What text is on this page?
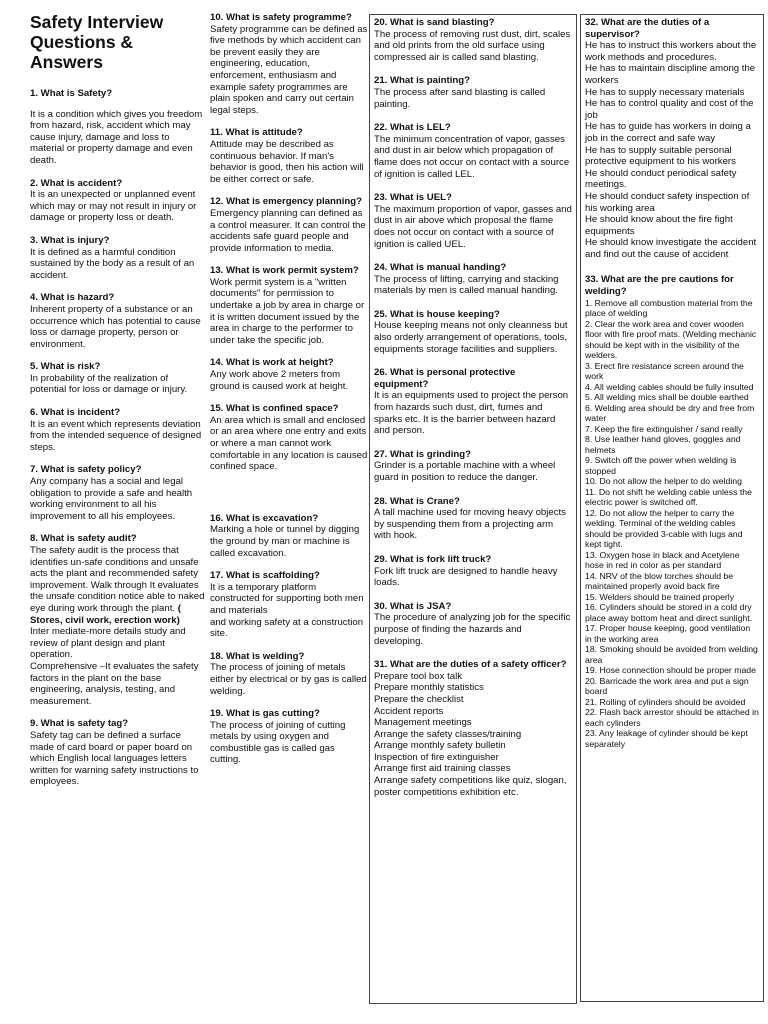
Safety Interview
Questions &
Answers
1. What is Safety?
It is a condition which gives you freedom from hazard, risk, accident which may cause injury, damage and loss to material or property damage and even death.
2. What is accident?
It is an unexpected or unplanned event which may or may not result in injury or damage or property loss or death.
3. What is injury?
It is defined as a harmful condition sustained by the body as a result of an accident.
4. What is hazard?
Inherent property of a substance or an occurrence which has potential to cause loss or damage property, person or environment.
5. What is risk?
In probability of the realization of potential for loss or damage or injury.
6. What is incident?
It is an event which represents deviation from the intended sequence of designed steps.
7. What is safety policy?
Any company has a social and legal obligation to provide a safe and health working environment to all his improvement to all his employees.
8. What is safety audit?
The safety audit is the process that identifies un-safe conditions and unsafe acts the plant and recommended safety improvement. Walk through It evaluates the unsafe condition notice able to naked eye during work through the plant. ( Stores, civil work, erection work)
Inter mediate-more details study and review of plant design and plant operation.
Comprehensive –It evaluates the safety factors in the plant on the base engineering, analysis, testing, and measurement.
9. What is safety tag?
Safety tag can be defined a surface made of card board or paper board on which English local languages letters written for warning safety instructions to employees.
10. What is safety programme?
Safety programme can be defined as five methods by which accident can be prevent easily they are engineering, education, enforcement, enthusiasm and example safety programmes are plain spoken and carry out certain legal steps.
11. What is attitude?
Attitude may be described as continuous behavior. If man's behavior is good, then his action will be either correct or safe.
12. What is emergency planning?
Emergency planning can defined as a control measurer. It can control the accidents safe guard people and provide information to media.
13. What is work permit system?
Work permit system is a "written documents" for permission to undertake a job by area in charge or it is written document issued by the area in charge to the performer to under take the specific job.
14. What is work at height?
Any work above 2 meters from ground is caused work at height.
15. What is confined space?
An area which is small and enclosed or an area where one entry and exits or where a man cannot work comfortable in any location is caused confined space.
16. What is excavation?
Marking a hole or tunnel by digging the ground by man or machine is called excavation.
17. What is scaffolding?
It is a temporary platform constructed for supporting both men and materials
and working safety at a construction site.
18. What is welding?
The process of joining of metals either by electrical or by gas is called welding.
19. What is gas cutting?
The process of joining of cutting metals by using oxygen and combustible gas is called gas cutting.
20. What is sand blasting?
The process of removing rust dust, dirt, scales and old prints from the old surface using compressed air is called sand blasting.
21. What is painting?
The process after sand blasting is called painting.
22. What is LEL?
The minimum concentration of vapor, gasses and dust in air below which propagation of flame does not occur on contact with a source of ignition is called LEL.
23. What is UEL?
The maximum proportion of vapor, gasses and dust in air above which proposal the flame does not occur on contact with a source of ignition is called UEL.
24. What is manual handing?
The process of lifting, carrying and stacking materials by men is called manual handing.
25. What is house keeping?
House keeping means not only cleanness but also orderly arrangement of operations, tools, equipments storage facilities and suppliers.
26. What is personal protective equipment?
It is an equipments used to project the person from hazards such dust, dirt, fumes and sparks etc. It is the barrier between hazard and person.
27. What is grinding?
Grinder is a portable machine with a wheel guard in position to reduce the danger.
28. What is Crane?
A tall machine used for moving heavy objects by suspending them from a projecting arm with hook.
29. What is fork lift truck?
Fork lift truck are designed to handle heavy loads.
30. What is JSA?
The procedure of analyzing job for the specific purpose of finding the hazards and developing.
31. What are the duties of a safety officer?
Prepare tool box talk
Prepare monthly statistics
Prepare the checklist
Accident reports
Management meetings
Arrange the safety classes/training
Arrange monthly safety bulletin
Inspection of fire extinguisher
Arrange first aid training classes
Arrange safety competitions like quiz, slogan, poster competitions exhibition etc.
32. What are the duties of a supervisor?
He has to instruct this workers about the work methods and procedures.
He has to maintain discipline among the workers
He has to supply necessary materials
He has to control quality and cost of the job
He has to guide has workers in doing a job in the correct and safe way
He has to supply suitable personal protective equipment to his workers
He should conduct periodical safety meetings.
He should conduct safety inspection of his working area
He should know about the fire fight equipments
He should know investigate the accident and find out the cause of accident
33. What are the pre cautions for welding?
1. Remove all combustion material from the place of welding
2. Clear the work area and cover wooden floor with fire proof mats. (Welding mechanic should be kept with in the visibility of the welders.
3. Erect fire resistance screen around the work
4. All welding cables should be fully insulted
5. All welding mics shall be double earthed
6. Welding area should be dry and free from water
7. Keep the fire extinguisher / sand really
8. Use leather hand gloves, goggles and helmets
9. Switch off the power when welding is stopped
10. Do not allow the helper to do welding
11. Do not shift he welding cable unless the electric power is switched off.
12. Do not allow the helper to carry the welding. Terminal of the welding cables should be provided 3-cable with lugs and kept tight.
13. Oxygen hose in black and Acetylene hose in red in color as per standard
14. NRV of the blow torches should be maintained properly avoid back fire
15. Welders should be trained properly
16. Cylinders should be stored in a cold dry place away bottom heat and direct sunlight.
17. Proper house keeping, good ventilation in the working area
18. Smoking should be avoided from welding area
19. Hose connection should be proper made
20. Barricade the work area and put a sign board
21. Rolling of cylinders should be avoided
22. Flash back arrestor should be attached in each cylinders
23. Any leakage of cylinder should be kept separately
